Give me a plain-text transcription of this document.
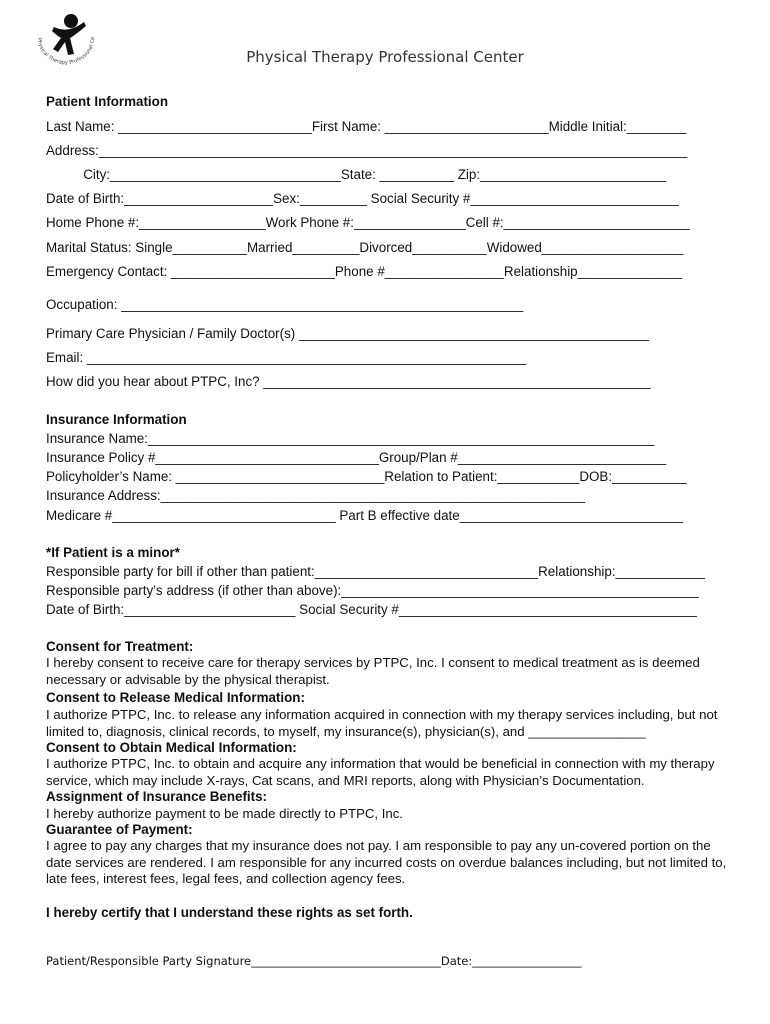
Physical Therapy Professional Ce
Physical Therapy Professional Center
Patient Information
Last Name: __________________________First Name: ______________________Middle Initial:________
Address:_______________________________________________________________________________
City:_______________________________State: __________ Zip:_________________________
Date of Birth:____________________Sex:_________ Social Security #____________________________
Home Phone #:_________________Work Phone #:_______________Cell #:_________________________
Marital Status: Single__________Married_________Divorced__________Widowed___________________
Emergency Contact: ______________________Phone #________________Relationship______________
Occupation: ______________________________________________________
Primary Care Physician / Family Doctor(s) _______________________________________________
Email: ___________________________________________________________
How did you hear about PTPC, Inc? ____________________________________________________
Insurance Information
Insurance Name:____________________________________________________________________
Insurance Policy #______________________________Group/Plan #____________________________
Policyholder’s Name: ____________________________Relation to Patient:___________DOB:__________
Insurance Address:_________________________________________________________
Medicare #______________________________ Part B effective date______________________________
*If Patient is a minor*
Responsible party for bill if other than patient:______________________________Relationship:____________
Responsible party’s address (if other than above):________________________________________________
Date of Birth:_______________________ Social Security #________________________________________
Consent for Treatment:
I hereby consent to receive care for therapy services by PTPC, Inc. I consent to medical treatment as is deemed necessary or advisable by the physical therapist.
Consent to Release Medical Information:
I authorize PTPC, Inc. to release any information acquired in connection with my therapy services including, but not limited to, diagnosis, clinical records, to myself, my insurance(s), physician(s), and ________________
Consent to Obtain Medical Information:
I authorize PTPC, Inc. to obtain and acquire any information that would be beneficial in connection with my therapy service, which may include X-rays, Cat scans, and MRI reports, along with Physician’s Documentation.
Assignment of Insurance Benefits:
I hereby authorize payment to be made directly to PTPC, Inc.
Guarantee of Payment:
I agree to pay any charges that my insurance does not pay. I am responsible to pay any un-covered portion on the date services are rendered. I am responsible for any incurred costs on overdue balances including, but not limited to, late fees, interest fees, legal fees, and collection agency fees.
I hereby certify that I understand these rights as set forth.
Patient/Responsible Party Signature_________________________________Date:___________________
